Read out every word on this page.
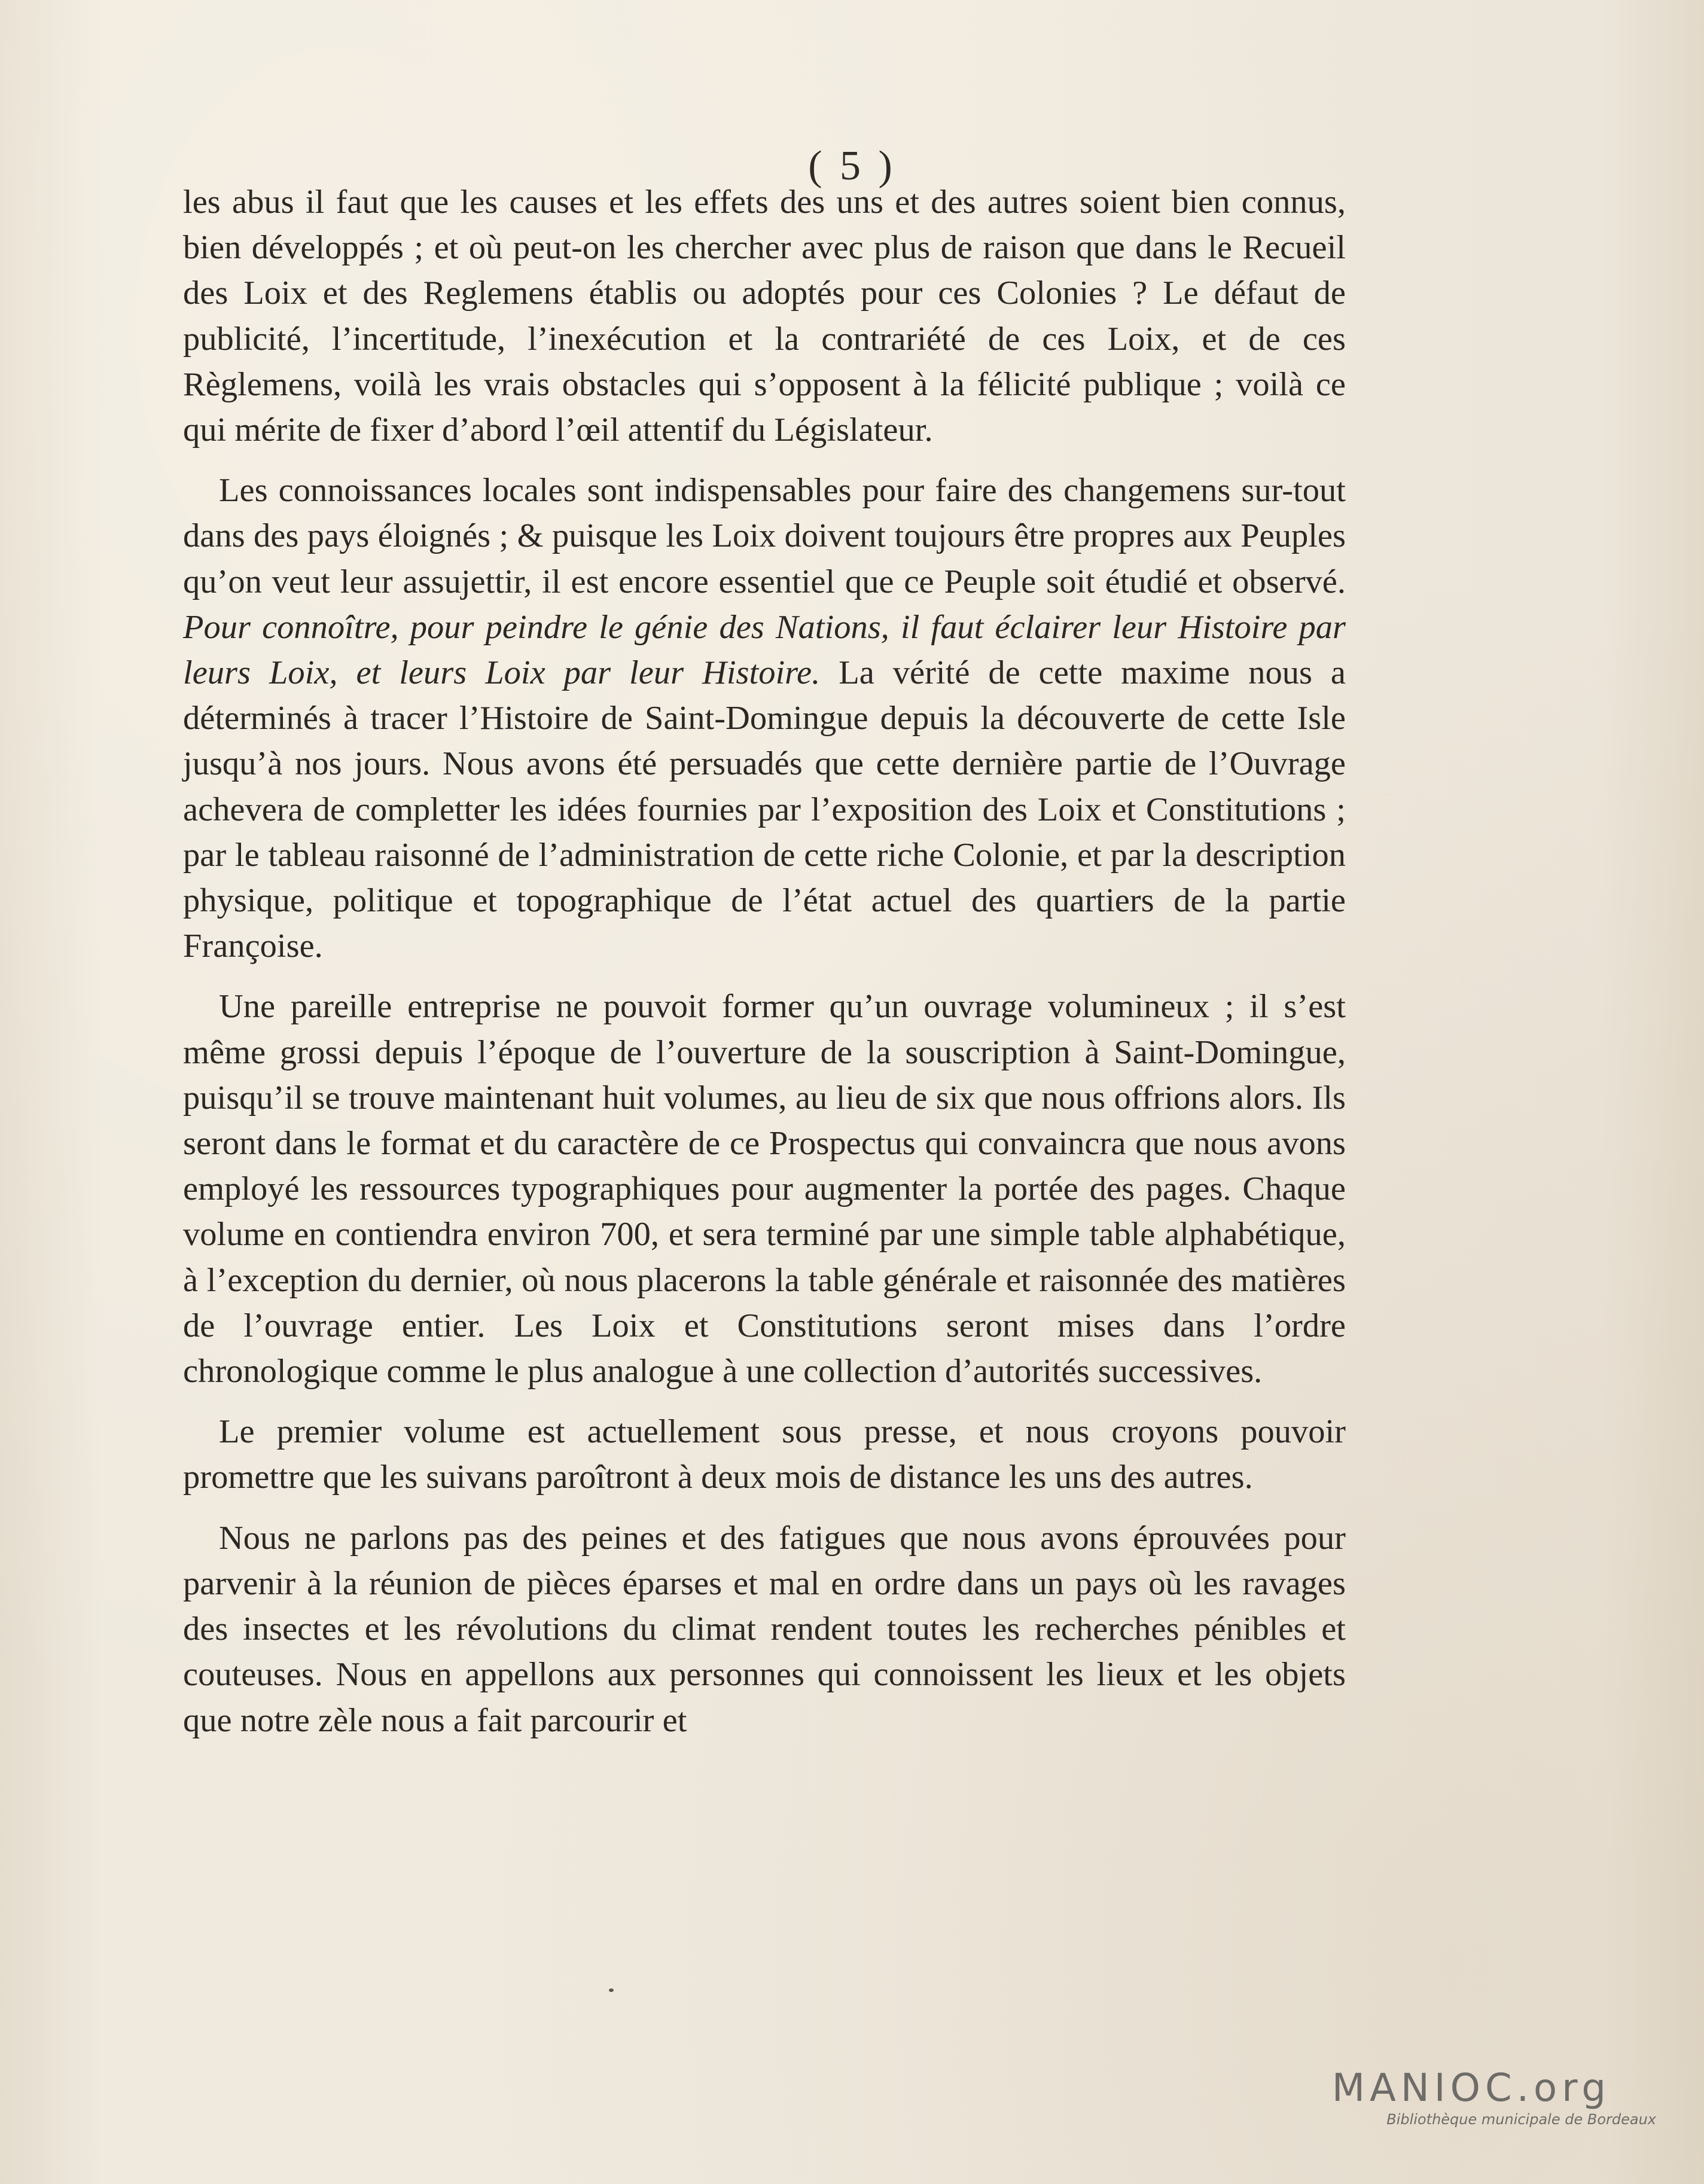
( 5 )

les abus il faut que les causes et les effets des uns et des autres soient bien connus, bien développés ; et où peut-on les chercher avec plus de raison que dans le Recueil des Loix et des Reglemens établis ou adoptés pour ces Colonies ? Le défaut de publicité, l’incertitude, l’inexécution et la contrariété de ces Loix, et de ces Règlemens, voilà les vrais obstacles qui s’opposent à la félicité publique ; voilà ce qui mérite de fixer d’abord l’œil attentif du Législateur.

Les connoissances locales sont indispensables pour faire des changemens sur-tout dans des pays éloignés ; & puisque les Loix doivent toujours être propres aux Peuples qu’on veut leur assujettir, il est encore essentiel que ce Peuple soit étudié et observé. Pour connoître, pour peindre le génie des Nations, il faut éclairer leur Histoire par leurs Loix, et leurs Loix par leur Histoire. La vérité de cette maxime nous a déterminés à tracer l’Histoire de Saint-Domingue depuis la découverte de cette Isle jusqu’à nos jours. Nous avons été persuadés que cette dernière partie de l’Ouvrage achevera de completter les idées fournies par l’exposition des Loix et Constitutions ; par le tableau raisonné de l’administration de cette riche Colonie, et par la description physique, politique et topographique de l’état actuel des quartiers de la partie Françoise.

Une pareille entreprise ne pouvoit former qu’un ouvrage volumineux ; il s’est même grossi depuis l’époque de l’ouverture de la souscription à Saint-Domingue, puisqu’il se trouve maintenant huit volumes, au lieu de six que nous offrions alors. Ils seront dans le format et du caractère de ce Prospectus qui convaincra que nous avons employé les ressources typographiques pour augmenter la portée des pages. Chaque volume en contiendra environ 700, et sera terminé par une simple table alphabétique, à l’exception du dernier, où nous placerons la table générale et raisonnée des matières de l’ouvrage entier. Les Loix et Constitutions seront mises dans l’ordre chronologique comme le plus analogue à une collection d’autorités successives.

Le premier volume est actuellement sous presse, et nous croyons pouvoir promettre que les suivans paroîtront à deux mois de distance les uns des autres.

Nous ne parlons pas des peines et des fatigues que nous avons éprouvées pour parvenir à la réunion de pièces éparses et mal en ordre dans un pays où les ravages des insectes et les révolutions du climat rendent toutes les recherches pénibles et couteuses. Nous en appellons aux personnes qui connoissent les lieux et les objets que notre zèle nous a fait parcourir et

MANIOC.org
Bibliothèque municipale de Bordeaux
